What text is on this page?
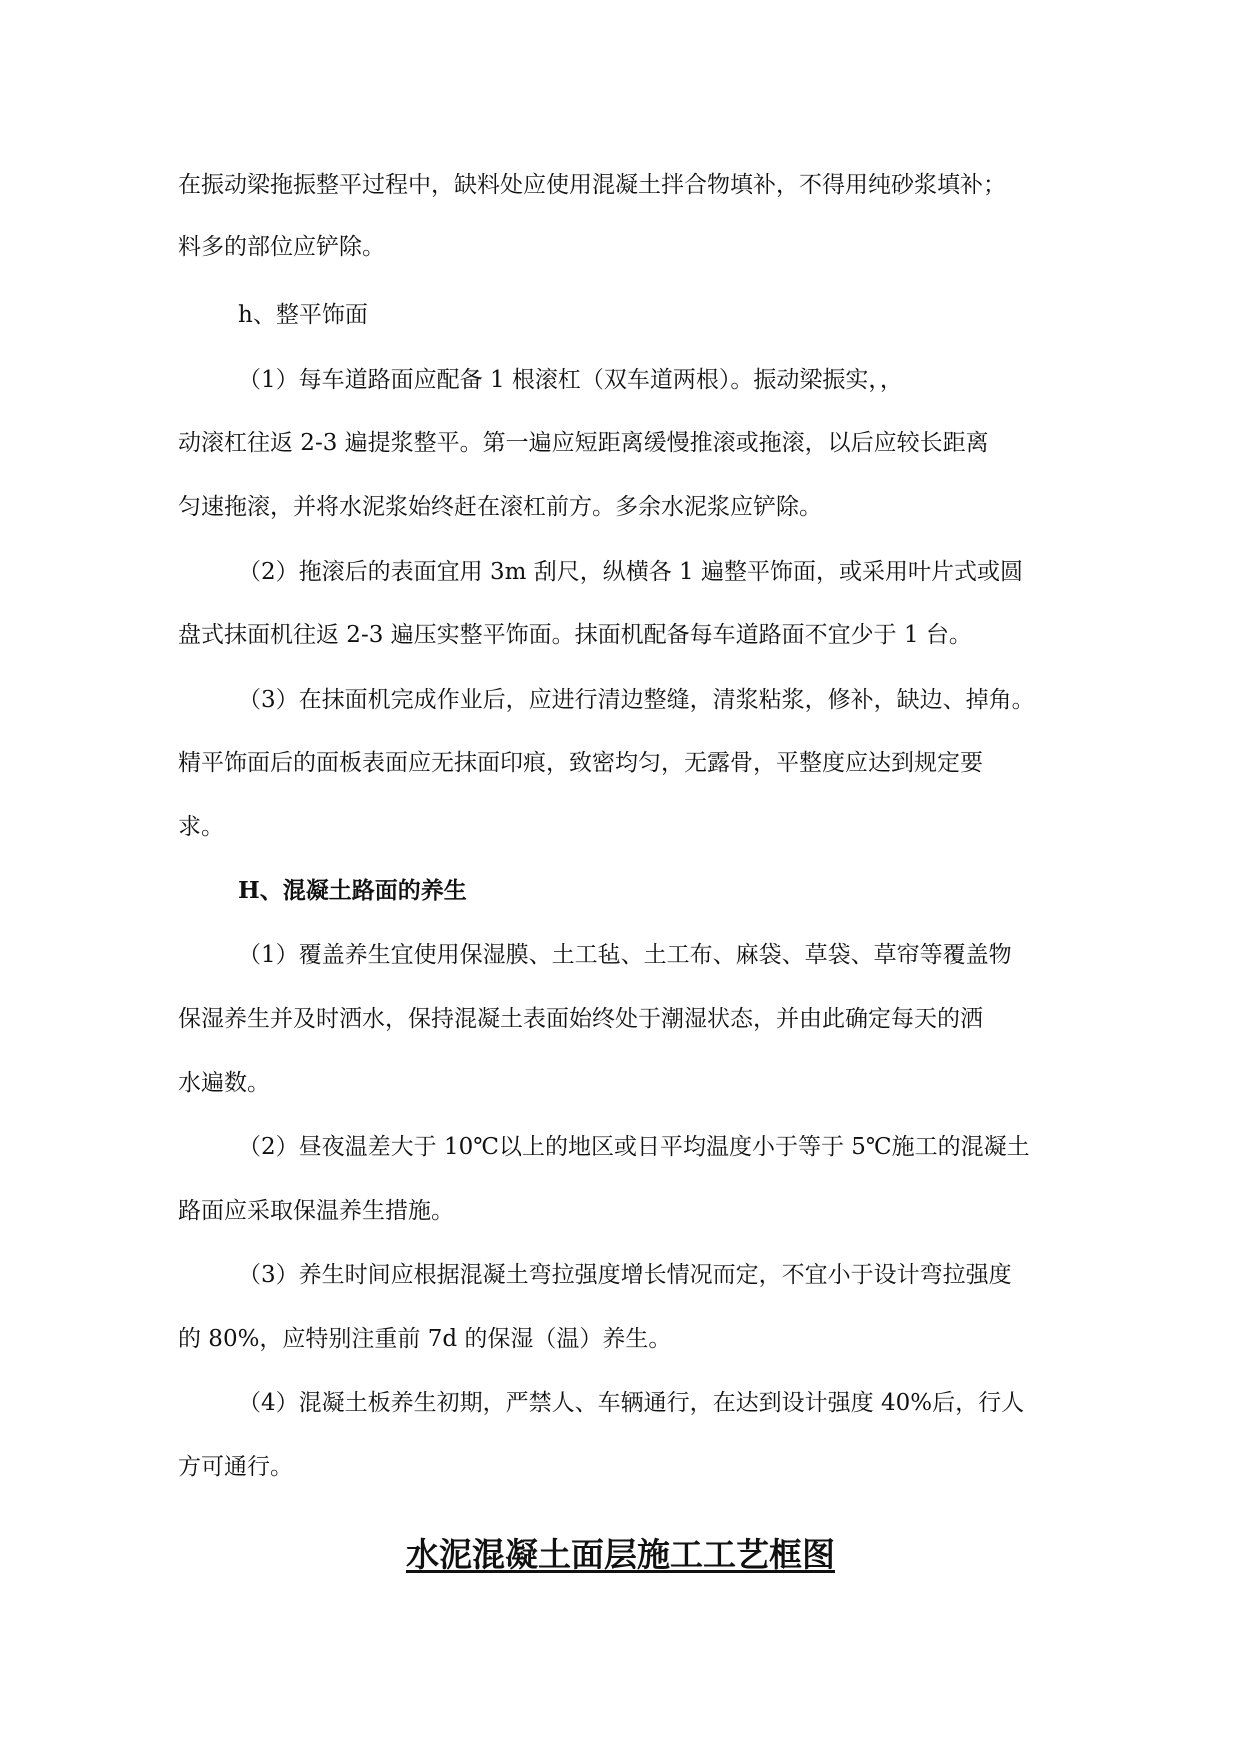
在振动梁拖振整平过程中，缺料处应使用混凝土拌合物填补，不得用纯砂浆填补；
料多的部位应铲除。
h、整平饰面
（1）每车道路面应配备 1 根滚杠（双车道两根）。振动梁振实，，
动滚杠往返 2-3 遍提浆整平。第一遍应短距离缓慢推滚或拖滚，以后应较长距离
匀速拖滚，并将水泥浆始终赶在滚杠前方。多余水泥浆应铲除。
（2）拖滚后的表面宜用 3m 刮尺，纵横各 1 遍整平饰面，或采用叶片式或圆
盘式抹面机往返 2-3 遍压实整平饰面。抹面机配备每车道路面不宜少于 1 台。
（3）在抹面机完成作业后，应进行清边整缝，清浆粘浆，修补，缺边、掉角。
精平饰面后的面板表面应无抹面印痕，致密均匀，无露骨，平整度应达到规定要
求。
H、混凝土路面的养生
（1）覆盖养生宜使用保湿膜、土工毡、土工布、麻袋、草袋、草帘等覆盖物
保湿养生并及时洒水，保持混凝土表面始终处于潮湿状态，并由此确定每天的洒
水遍数。
（2）昼夜温差大于 10℃以上的地区或日平均温度小于等于 5℃施工的混凝土
路面应采取保温养生措施。
（3）养生时间应根据混凝土弯拉强度增长情况而定，不宜小于设计弯拉强度
的 80%，应特别注重前 7d 的保湿（温）养生。
（4）混凝土板养生初期，严禁人、车辆通行，在达到设计强度 40%后，行人
方可通行。
水泥混凝土面层施工工艺框图
